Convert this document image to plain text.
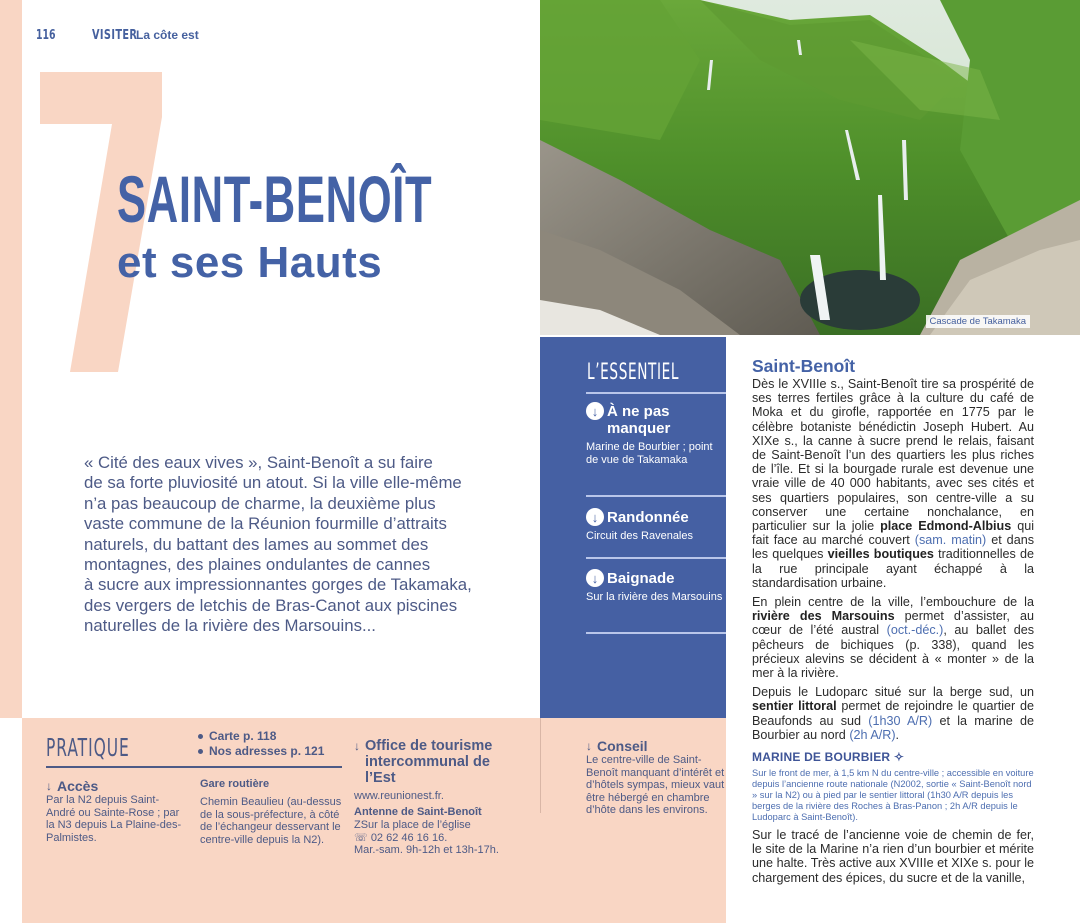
116	VISITER
La côte est
SAINT-BENOÎT
et ses Hauts

« Cité des eaux vives », Saint-Benoît a su faire

de sa forte pluviosité un atout. Si la ville elle-même

n’a pas beaucoup de charme, la deuxième plus

vaste commune de la Réunion fourmille d’attraits

naturels, du battant des lames au sommet des

montagnes, des plaines ondulantes de cannes

à sucre aux impressionnantes gorges de Takamaka,

des vergers de letchis de Bras-Canot aux piscines

naturelles de la rivière des Marsouins...

Cascade de Takamaka
L’ESSENTIEL
↓ À ne pas manquer
Marine de Bourbier ; point de vue de Takamaka
↓ Randonnée
Circuit des Ravenales
↓ Baignade
Sur la rivière des Marsouins
PRATIQUE	Carte p. 118
Nos adresses p. 121
↓ Accès
Par la N2 depuis Saint-André ou Sainte-Rose ; par la N3 depuis La Plaine-des-Palmistes.
Gare routière
Chemin Beaulieu (au-dessus de la sous-préfecture, à côté de l’échangeur desservant le centre-ville depuis la N2).
↓ Office de tourisme intercommunal de l’Est
www.reunionest.fr.
Antenne de Saint-Benoît
ZSur la place de l’église
☏ 02 62 46 16 16.
Mar.-sam. 9h-12h et 13h-17h.
↓ Conseil
Le centre-ville de Saint-Benoît manquant d’intérêt et d’hôtels sympas, mieux vaut être hébergé en chambre d’hôte dans les environs.
Saint-Benoît

Dès le XVIIIe s., Saint-Benoît tire sa prospérité de ses terres fertiles grâce à la culture du café de Moka et du girofle, rapportée en 1775 par le célèbre botaniste bénédictin Joseph Hubert. Au XIXe s., la canne à sucre prend le relais, faisant de Saint-Benoît l’un des quartiers les plus riches de l’île. Et si la bourgade rurale est devenue une vraie ville de 40 000 habitants, avec ses cités et ses quartiers populaires, son centre-ville a su conserver une certaine nonchalance, en particulier sur la jolie place Edmond-Albius qui fait face au marché couvert (sam. matin) et dans les quelques vieilles boutiques traditionnelles de la rue principale ayant échappé à la standardisation urbaine.

En plein centre de la ville, l’embouchure de la rivière des Marsouins permet d’assister, au cœur de l’été austral (oct.-déc.), au ballet des pêcheurs de bichiques (p. 338), quand les précieux alevins se décident à « monter » de la mer à la rivière.

Depuis le Ludoparc situé sur la berge sud, un sentier littoral permet de rejoindre le quartier de Beaufonds au sud (1h30 A/R) et la marine de Bourbier au nord (2h A/R).

MARINE DE BOURBIER ✧

Sur le front de mer, à 1,5 km N du centre-ville ; accessible en voiture depuis l’ancienne route nationale (N2002, sortie « Saint-Benoît nord » sur la N2) ou à pied par le sentier littoral (1h30 A/R depuis les berges de la rivière des Roches à Bras-Panon ; 2h A/R depuis le Ludoparc à Saint-Benoît).

Sur le tracé de l’ancienne voie de chemin de fer, le site de la Marine n’a rien d’un bourbier et mérite une halte. Très active aux XVIIIe et XIXe s. pour le chargement des épices, du sucre et de la vanille,
